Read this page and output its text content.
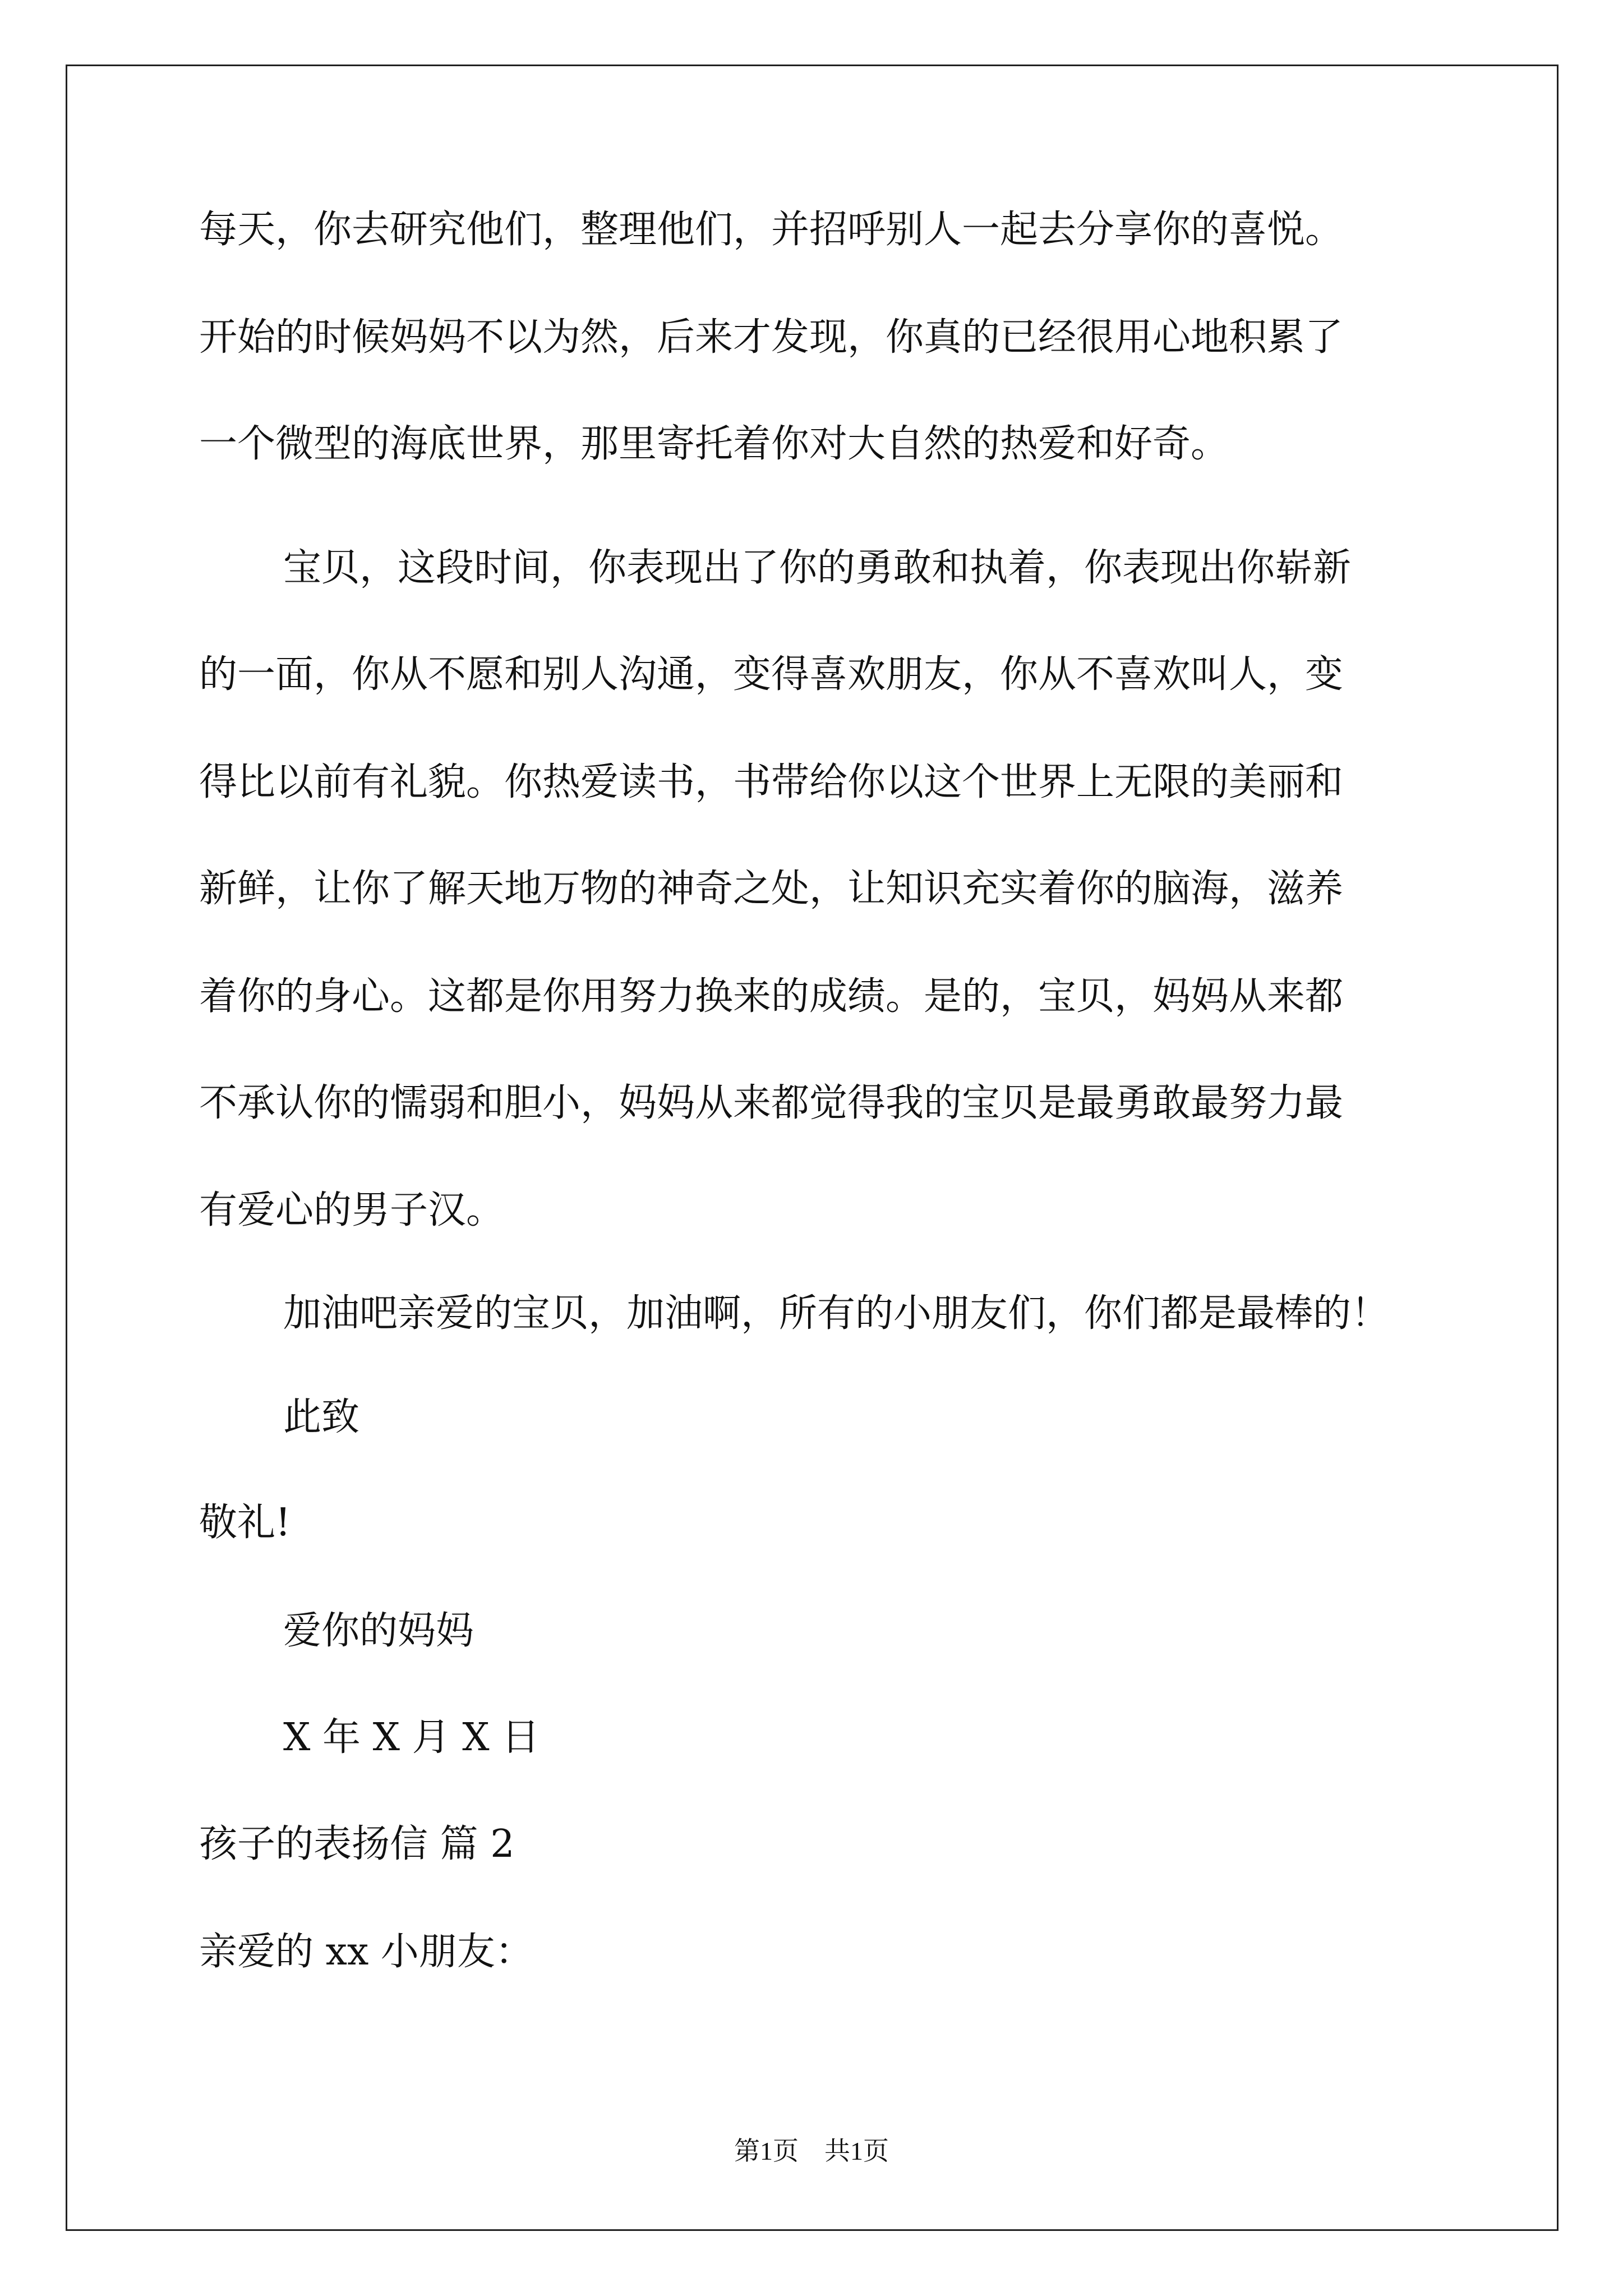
每天，你去研究他们，整理他们，并招呼别人一起去分享你的喜悦。
开始的时候妈妈不以为然，后来才发现，你真的已经很用心地积累了
一个微型的海底世界，那里寄托着你对大自然的热爱和好奇。
宝贝，这段时间，你表现出了你的勇敢和执着，你表现出你崭新
的一面，你从不愿和别人沟通，变得喜欢朋友，你从不喜欢叫人，变
得比以前有礼貌。你热爱读书，书带给你以这个世界上无限的美丽和
新鲜，让你了解天地万物的神奇之处，让知识充实着你的脑海，滋养
着你的身心。这都是你用努力换来的成绩。是的，宝贝，妈妈从来都
不承认你的懦弱和胆小，妈妈从来都觉得我的宝贝是最勇敢最努力最
有爱心的男子汉。
加油吧亲爱的宝贝，加油啊，所有的小朋友们，你们都是最棒的！
此致
敬礼!
爱你的妈妈
X 年 X 月 X 日
孩子的表扬信 篇 2
亲爱的 xx 小朋友：
第1页　共1页
